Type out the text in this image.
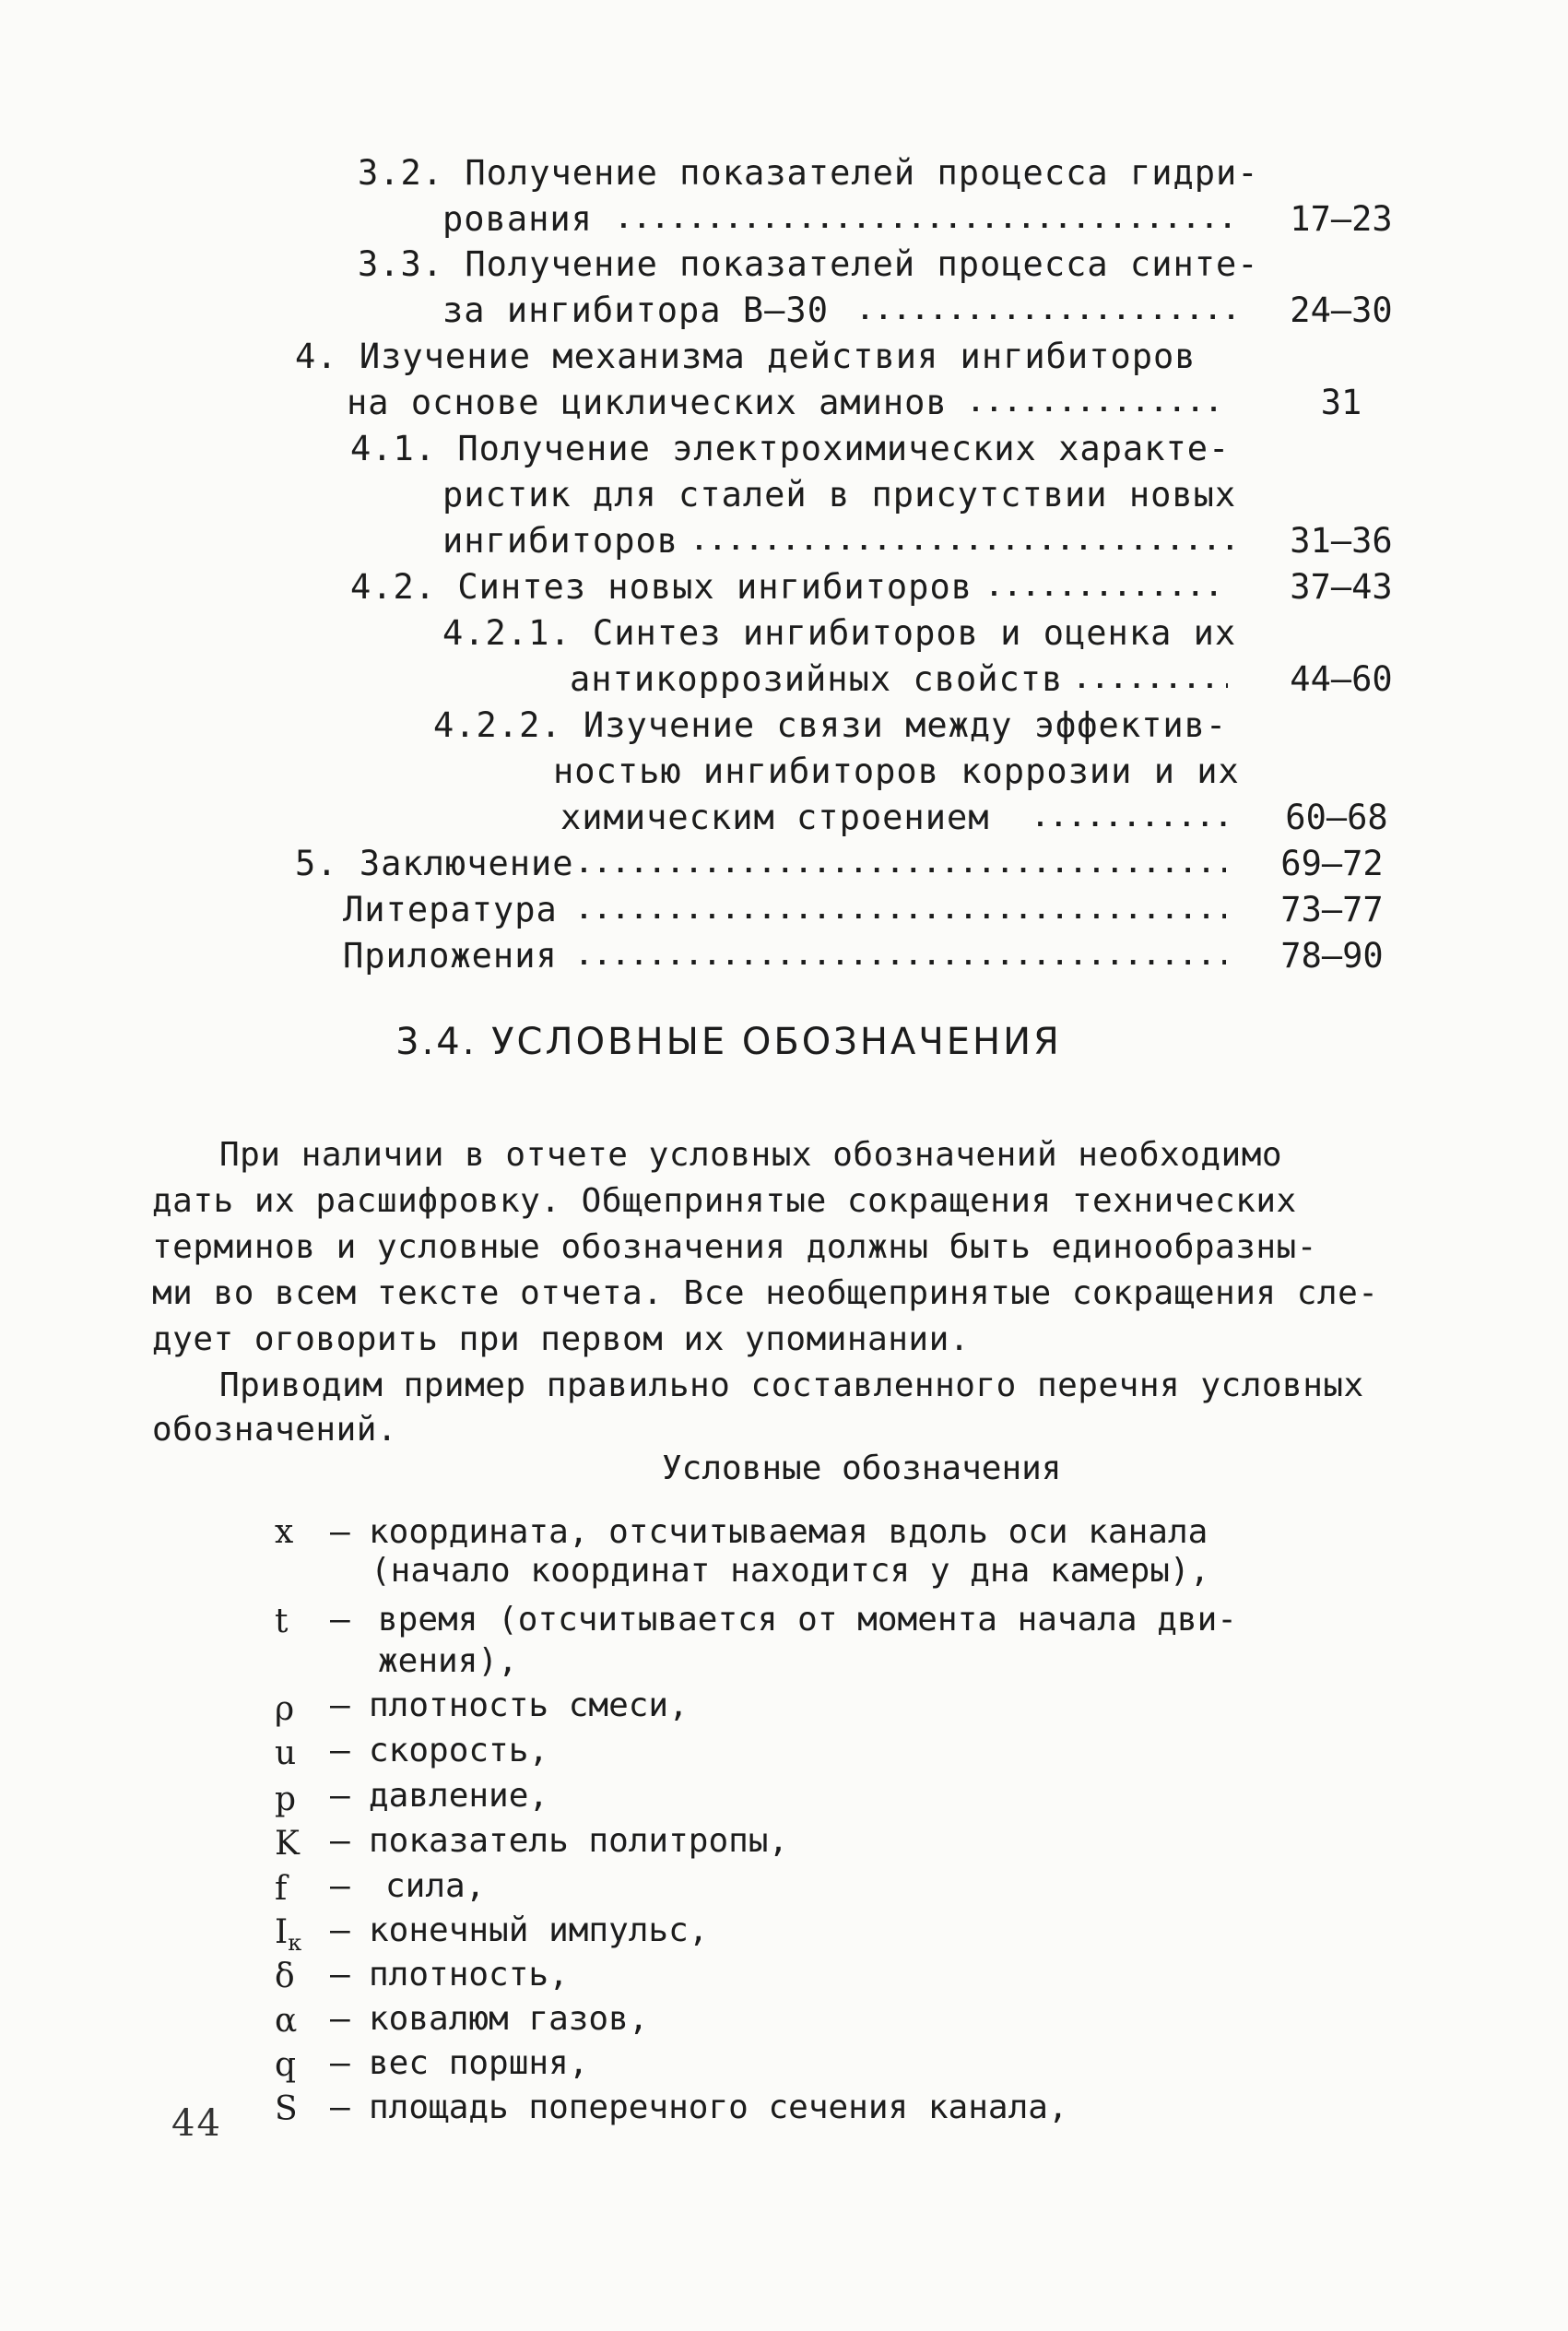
3.2. Получение показателей процесса гидри-
рования .....	17–23
3.3. Получение показателей процесса синте-
за ингибитора В–30 .....	24–30
4. Изучение механизма действия ингибиторов
на основе циклических аминов .....	31
4.1. Получение электрохимических характе-
ристик для сталей в присутствии новых
ингибиторов .....	31–36
4.2. Синтез новых ингибиторов .....	37–43
4.2.1. Синтез ингибиторов и оценка их
антикоррозийных свойств .....	44–60
4.2.2. Изучение связи между эффектив-
ностью ингибиторов коррозии и их
химическим строением .....	60–68
5. Заключение .....	69–72
Литература .....	73–77
Приложения .....	78–90
3.4. УСЛОВНЫЕ ОБОЗНАЧЕНИЯ
При наличии в отчете условных обозначений необходимо
дать их расшифровку. Общепринятые сокращения технических
терминов и условные обозначения должны быть единообразны-
ми во всем тексте отчета. Все необщепринятые сокращения сле-
дует оговорить при первом их упоминании.
Приводим пример правильно составленного перечня условных
обозначений.
Условные обозначения
x – координата, отсчитываемая вдоль оси канала
(начало координат находится у дна камеры),
t – время (отсчитывается от момента начала дви-
жения),
ρ – плотность смеси,
u – скорость,
p – давление,
K – показатель политропы,
f – сила,
$I_к$ – конечный импульс,
δ – плотность,
α – ковалюм газов,
q – вес поршня,
S – площадь поперечного сечения канала,
44
